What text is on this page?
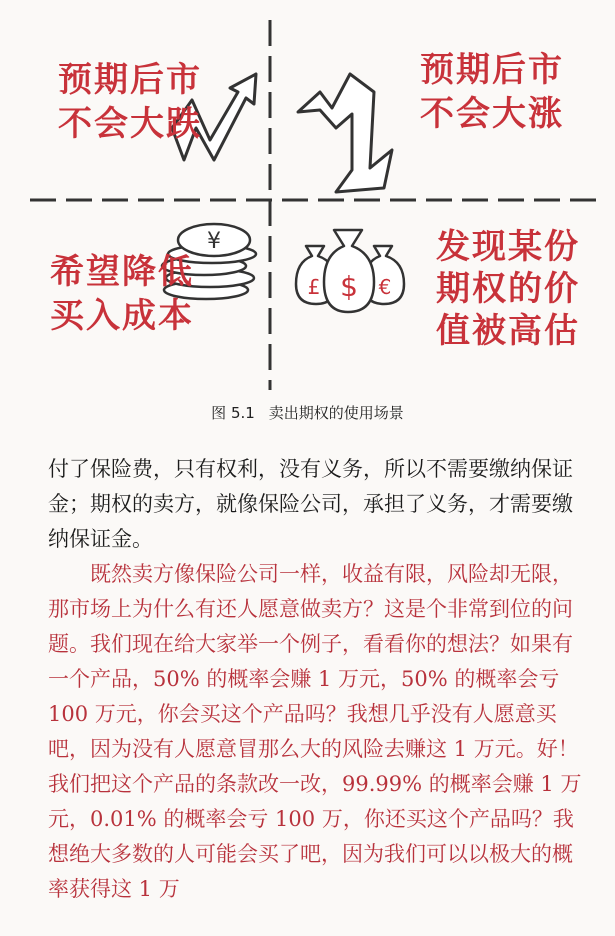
¥
£ $ €
预期后市
不会大跌
预期后市
不会大涨
希望降低
买入成本
发现某份
期权的价
值被高估
图 5.1 卖出期权的使用场景

付了保险费，只有权利，没有义务，所以不需要缴纳保证金；期权的卖方，就像保险公司，承担了义务，才需要缴纳保证金。

既然卖方像保险公司一样，收益有限，风险却无限，那市场上为什么有还人愿意做卖方？这是个非常到位的问题。我们现在给大家举一个例子，看看你的想法？如果有一个产品，50% 的概率会赚 1 万元，50% 的概率会亏 100 万元，你会买这个产品吗？我想几乎没有人愿意买吧，因为没有人愿意冒那么大的风险去赚这 1 万元。好！我们把这个产品的条款改一改，99.99% 的概率会赚 1 万元，0.01% 的概率会亏 100 万，你还买这个产品吗？我想绝大多数的人可能会买了吧，因为我们可以以极大的概率获得这 1 万
